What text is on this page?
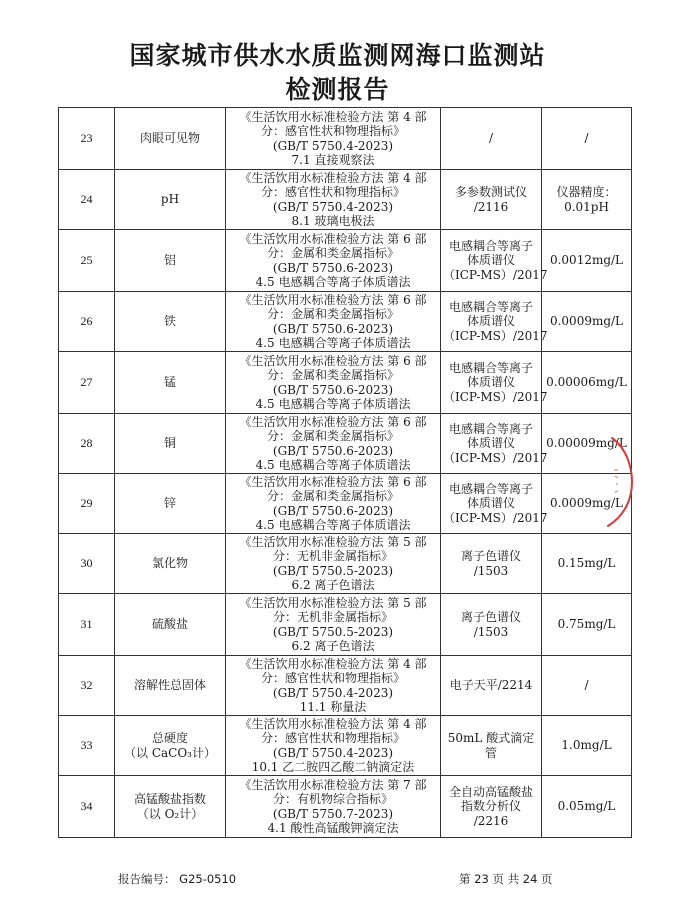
国家城市供水水质监测网海口监测站
检测报告
23	肉眼可见物	《生活饮用水标准检验方法 第 4 部
分：感官性状和物理指标》
(GB/T 5750.4-2023)
7.1 直接观察法	/	/
24	pH	《生活饮用水标准检验方法 第 4 部
分：感官性状和物理指标》
(GB/T 5750.4-2023)
8.1 玻璃电极法	多参数测试仪
/2116	仪器精度：0.01pH
25	铝	《生活饮用水标准检验方法 第 6 部
分：金属和类金属指标》
(GB/T 5750.6-2023)
4.5 电感耦合等离子体质谱法	电感耦合等离子
体质谱仪
（ICP-MS）/2017	0.0012mg/L
26	铁	《生活饮用水标准检验方法 第 6 部
分：金属和类金属指标》
(GB/T 5750.6-2023)
4.5 电感耦合等离子体质谱法	电感耦合等离子
体质谱仪
（ICP-MS）/2017	0.0009mg/L
27	锰	《生活饮用水标准检验方法 第 6 部
分：金属和类金属指标》
(GB/T 5750.6-2023)
4.5 电感耦合等离子体质谱法	电感耦合等离子
体质谱仪
（ICP-MS）/2017	0.00006mg/L
28	铜	《生活饮用水标准检验方法 第 6 部
分：金属和类金属指标》
(GB/T 5750.6-2023)
4.5 电感耦合等离子体质谱法	电感耦合等离子
体质谱仪
（ICP-MS）/2017	0.00009mg/L
29	锌	《生活饮用水标准检验方法 第 6 部
分：金属和类金属指标》
(GB/T 5750.6-2023)
4.5 电感耦合等离子体质谱法	电感耦合等离子
体质谱仪
（ICP-MS）/2017	0.0009mg/L
30	氯化物	《生活饮用水标准检验方法 第 5 部
分：无机非金属指标》
(GB/T 5750.5-2023)
6.2 离子色谱法	离子色谱仪
/1503	0.15mg/L
31	硫酸盐	《生活饮用水标准检验方法 第 5 部
分：无机非金属指标》
(GB/T 5750.5-2023)
6.2 离子色谱法	离子色谱仪
/1503	0.75mg/L
32	溶解性总固体	《生活饮用水标准检验方法 第 4 部
分：感官性状和物理指标》
(GB/T 5750.4-2023)
11.1 称量法	电子天平/2214	/
33	总硬度
（以 CaCO₃计）	《生活饮用水标准检验方法 第 4 部
分：感官性状和物理指标》
(GB/T 5750.4-2023)
10.1 乙二胺四乙酸二钠滴定法	50mL 酸式滴定
管	1.0mg/L
34	高锰酸盐指数
（以 O₂计）	《生活饮用水标准检验方法 第 7 部
分：有机物综合指标》
(GB/T 5750.7-2023)
4.1 酸性高锰酸钾滴定法	全自动高锰酸盐
指数分析仪
/2216	0.05mg/L
报告编号： G25-0510	第 23 页 共 24 页
